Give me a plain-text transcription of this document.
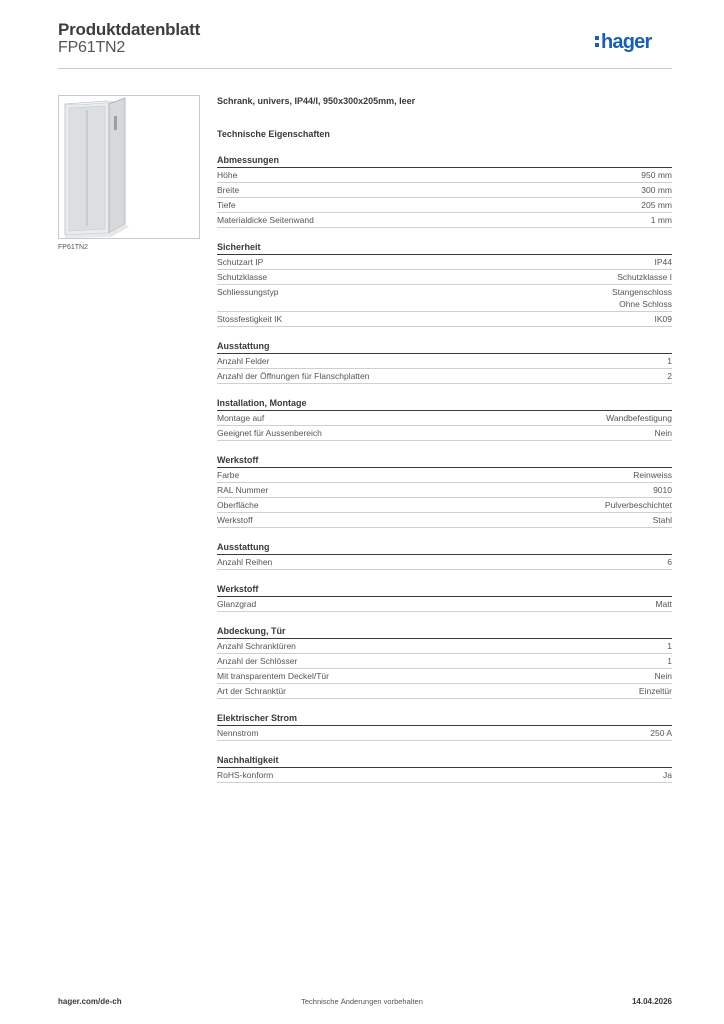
Produktdatenblatt
FP61TN2	hager
FP61TN2
Schrank, univers, IP44/I, 950x300x205mm, leer
Technische Eigenschaften
Abmessungen
Höhe	950 mm
Breite	300 mm
Tiefe	205 mm
Materialdicke Seitenwand	1 mm
Sicherheit
Schutzart IP	IP44
Schutzklasse	Schutzklasse I
Schliessungstyp	Stangenschloss
Ohne Schloss
Stossfestigkeit IK	IK09
Ausstattung
Anzahl Felder	1
Anzahl der Öffnungen für Flanschplatten	2
Installation, Montage
Montage auf	Wandbefestigung
Geeignet für Aussenbereich	Nein
Werkstoff
Farbe	Reinweiss
RAL Nummer	9010
Oberfläche	Pulverbeschichtet
Werkstoff	Stahl
Ausstattung
Anzahl Reihen	6
Werkstoff
Glanzgrad	Matt
Abdeckung, Tür
Anzahl Schranktüren	1
Anzahl der Schlösser	1
Mit transparentem Deckel/Tür	Nein
Art der Schranktür	Einzeltür
Elektrischer Strom
Nennstrom	250 A
Nachhaltigkeit
RoHS-konform	Ja
hager.com/de-ch	Technische Änderungen vorbehalten	14.04.2026
